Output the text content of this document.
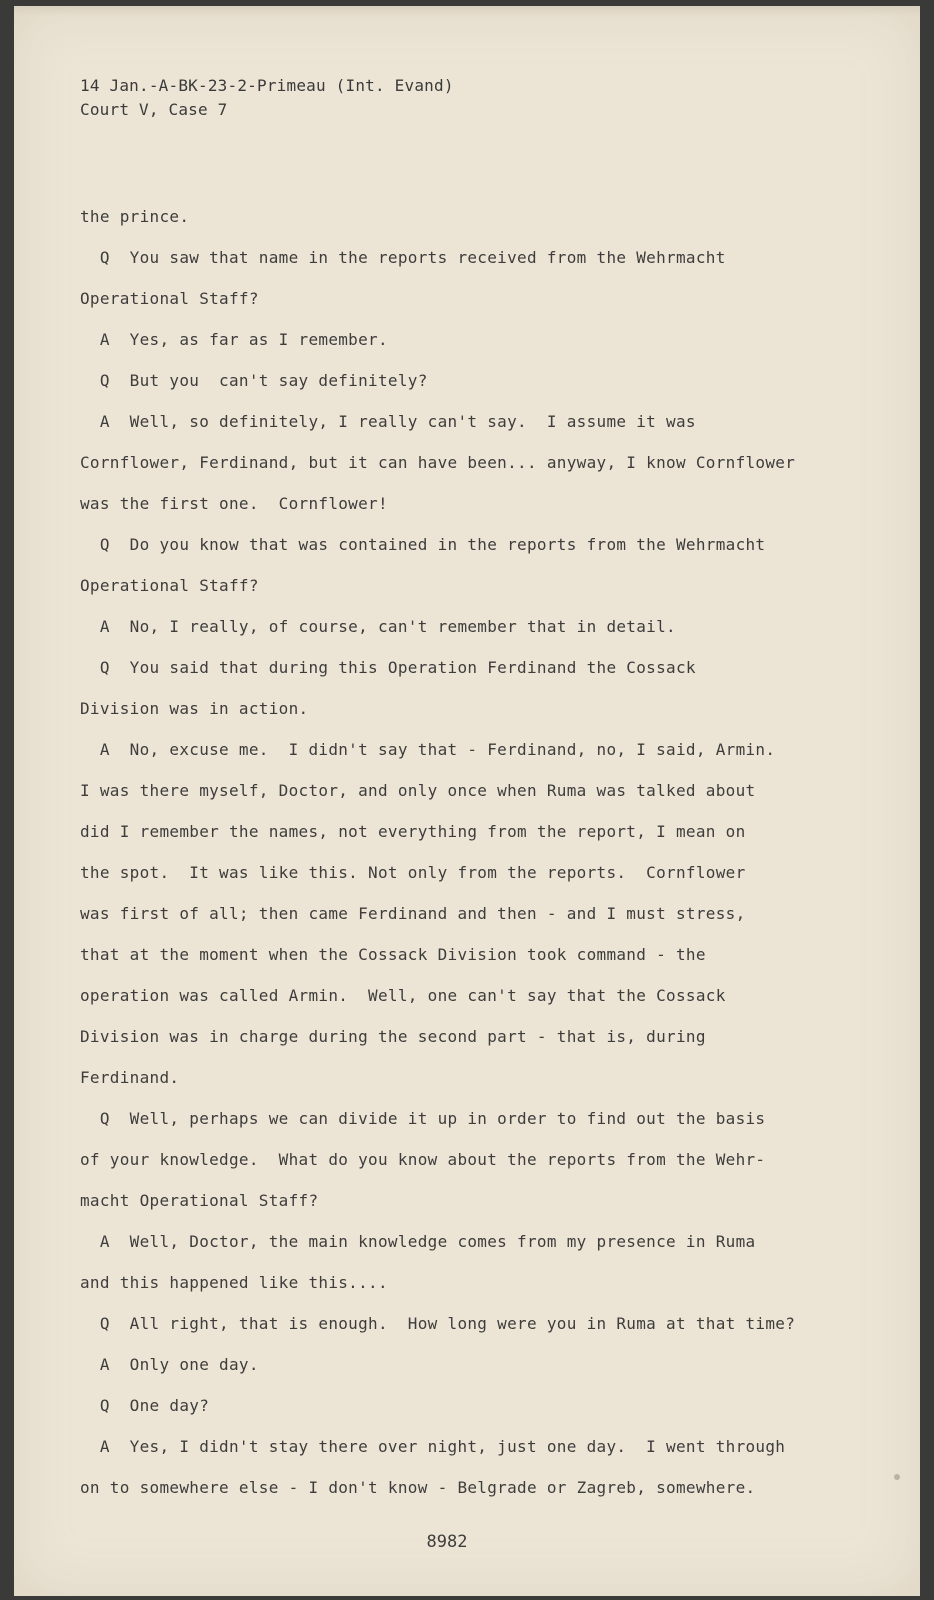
14 Jan.-A-BK-23-2-Primeau (Int. Evand)
Court V, Case 7
the prince.
Q  You saw that name in the reports received from the Wehrmacht
Operational Staff?
A  Yes, as far as I remember.
Q  But you  can't say definitely?
A  Well, so definitely, I really can't say.  I assume it was
Cornflower, Ferdinand, but it can have been... anyway, I know Cornflower
was the first one.  Cornflower!
Q  Do you know that was contained in the reports from the Wehrmacht
Operational Staff?
A  No, I really, of course, can't remember that in detail.
Q  You said that during this Operation Ferdinand the Cossack
Division was in action.
A  No, excuse me.  I didn't say that - Ferdinand, no, I said, Armin.
I was there myself, Doctor, and only once when Ruma was talked about
did I remember the names, not everything from the report, I mean on
the spot.  It was like this. Not only from the reports.  Cornflower
was first of all; then came Ferdinand and then - and I must stress,
that at the moment when the Cossack Division took command - the
operation was called Armin.  Well, one can't say that the Cossack
Division was in charge during the second part - that is, during
Ferdinand.
Q  Well, perhaps we can divide it up in order to find out the basis
of your knowledge.  What do you know about the reports from the Wehr-
macht Operational Staff?
A  Well, Doctor, the main knowledge comes from my presence in Ruma
and this happened like this....
Q  All right, that is enough.  How long were you in Ruma at that time?
A  Only one day.
Q  One day?
A  Yes, I didn't stay there over night, just one day.  I went through
on to somewhere else - I don't know - Belgrade or Zagreb, somewhere.
8982
